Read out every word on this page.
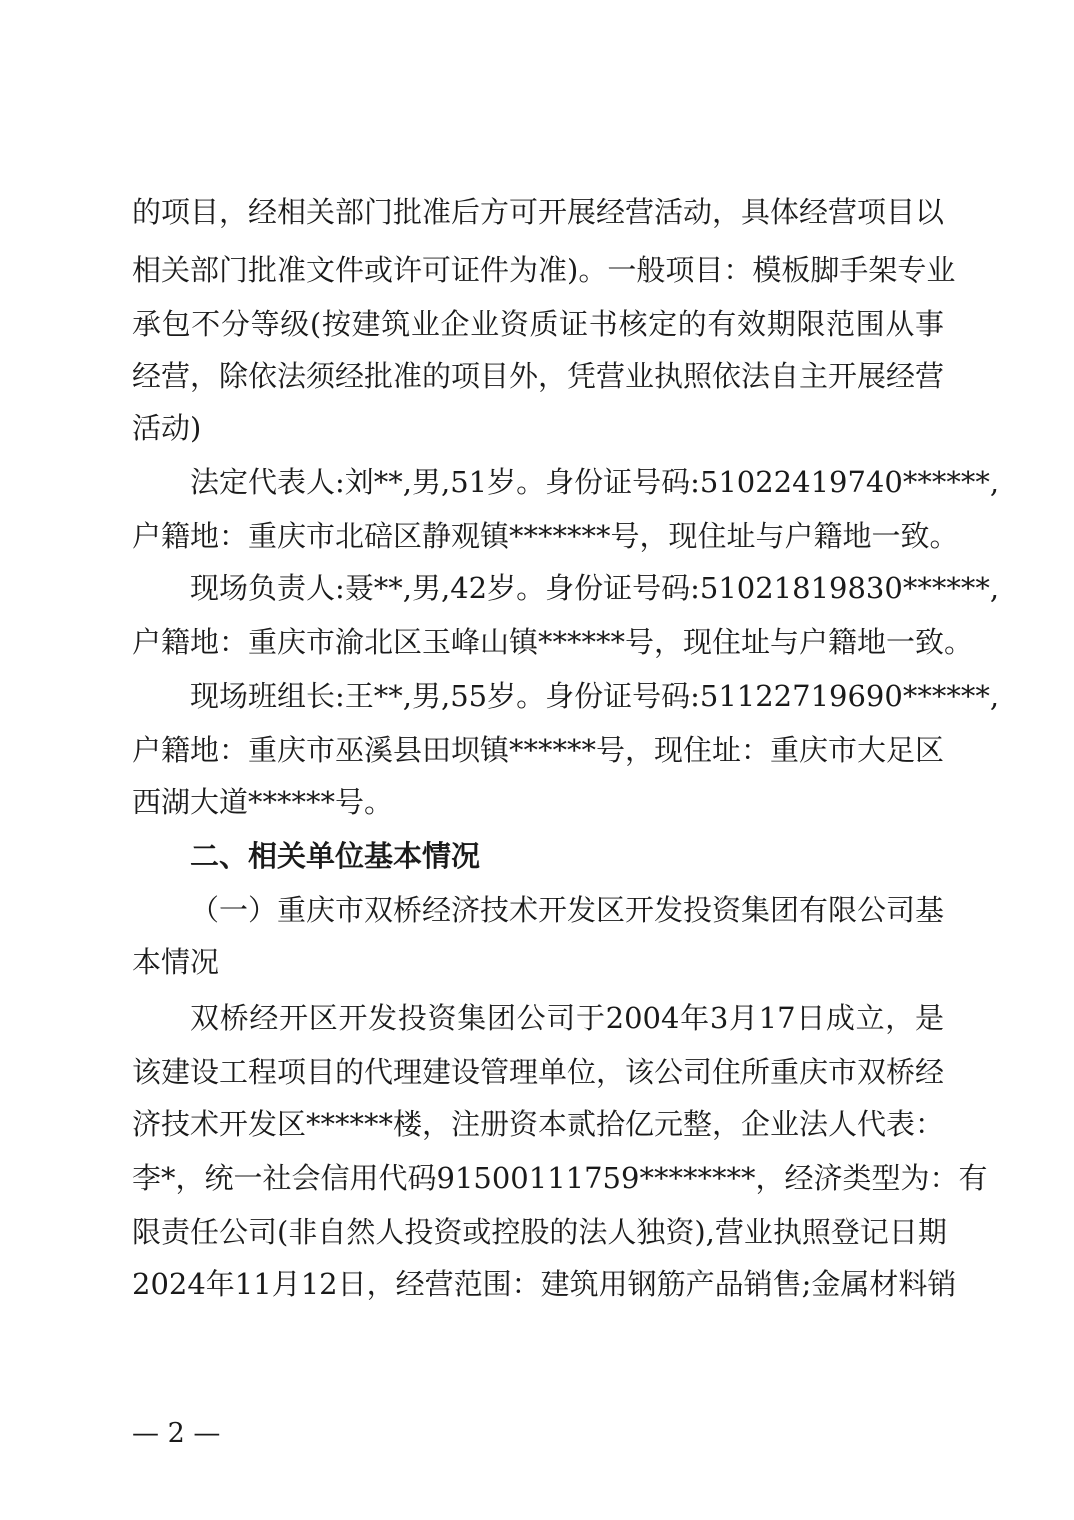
的项目，经相关部门批准后方可开展经营活动，具体经营项目以
相关部门批准文件或许可证件为准)。一般项目：模板脚手架专业
承包不分等级(按建筑业企业资质证书核定的有效期限范围从事
经营，除依法须经批准的项目外，凭营业执照依法自主开展经营
活动)
法定代表人:刘**,男,51岁。身份证号码:51022419740******,
户籍地：重庆市北碚区静观镇*******号，现住址与户籍地一致。
现场负责人:聂**,男,42岁。身份证号码:51021819830******,
户籍地：重庆市渝北区玉峰山镇******号，现住址与户籍地一致。
现场班组长:王**,男,55岁。身份证号码:51122719690******,
户籍地：重庆市巫溪县田坝镇******号，现住址：重庆市大足区
西湖大道******号。
二、相关单位基本情况
（一）重庆市双桥经济技术开发区开发投资集团有限公司基
本情况
双桥经开区开发投资集团公司于2004年3月17日成立，是
该建设工程项目的代理建设管理单位，该公司住所重庆市双桥经
济技术开发区******楼，注册资本贰拾亿元整，企业法人代表：
李*，统一社会信用代码91500111759********，经济类型为：有
限责任公司(非自然人投资或控股的法人独资),营业执照登记日期
2024年11月12日，经营范围：建筑用钢筋产品销售;金属材料销
— 2 —
